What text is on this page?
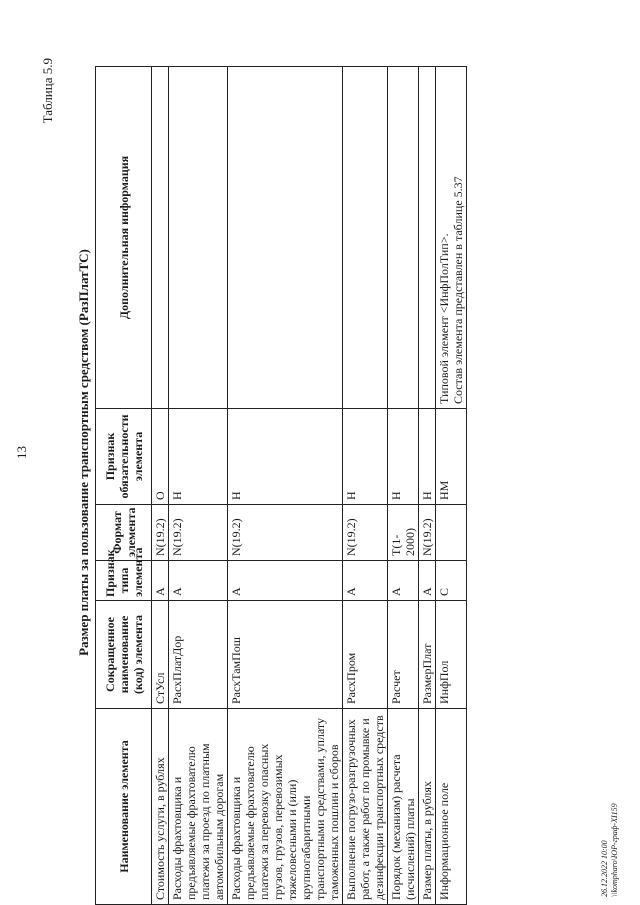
13
Таблица 5.9
Размер платы за пользование транспортным средством (РазПлатТС)
Наименование элемента	Сокращенное наименование (код) элемента	Признак типа элемента	Формат элемента	Признак обязательности элемента	Дополнительная информация
Стоимость услуги, в рублях	СтУсл	А	N(19.2)	О	
Расходы фрахтовщика и предъявляемые фрахтователю платежи за проезд по платным автомобильным дорогам	РасхПлатДор	А	N(19.2)	Н	
Расходы фрахтовщика и предъявляемые фрахтователю платежи за перевозку опасных грузов, грузов, перевозимых тяжеловесными и (или) крупногабаритными транспортными средствами, уплату таможенных пошлин и сборов	РасхТамПош	А	N(19.2)	Н	
Выполнение погрузо-разгрузочных работ, а также работ по промывке и дезинфекции транспортных средств	РасхПром	А	N(19.2)	Н	
Порядок (механизм) расчета (исчислений) платы	Расчет	А	T(1-2000)	Н	
Размер платы, в рублях	РазмерПлат	А	N(19.2)	Н	
Информационное поле	ИнфПол	С		НМ	Типовой элемент <ИнфПолТип>.
Состав элемента представлен в таблице 5.37
26.12.2022 10:00 \\kompharo\ЮР-граф-XI159
